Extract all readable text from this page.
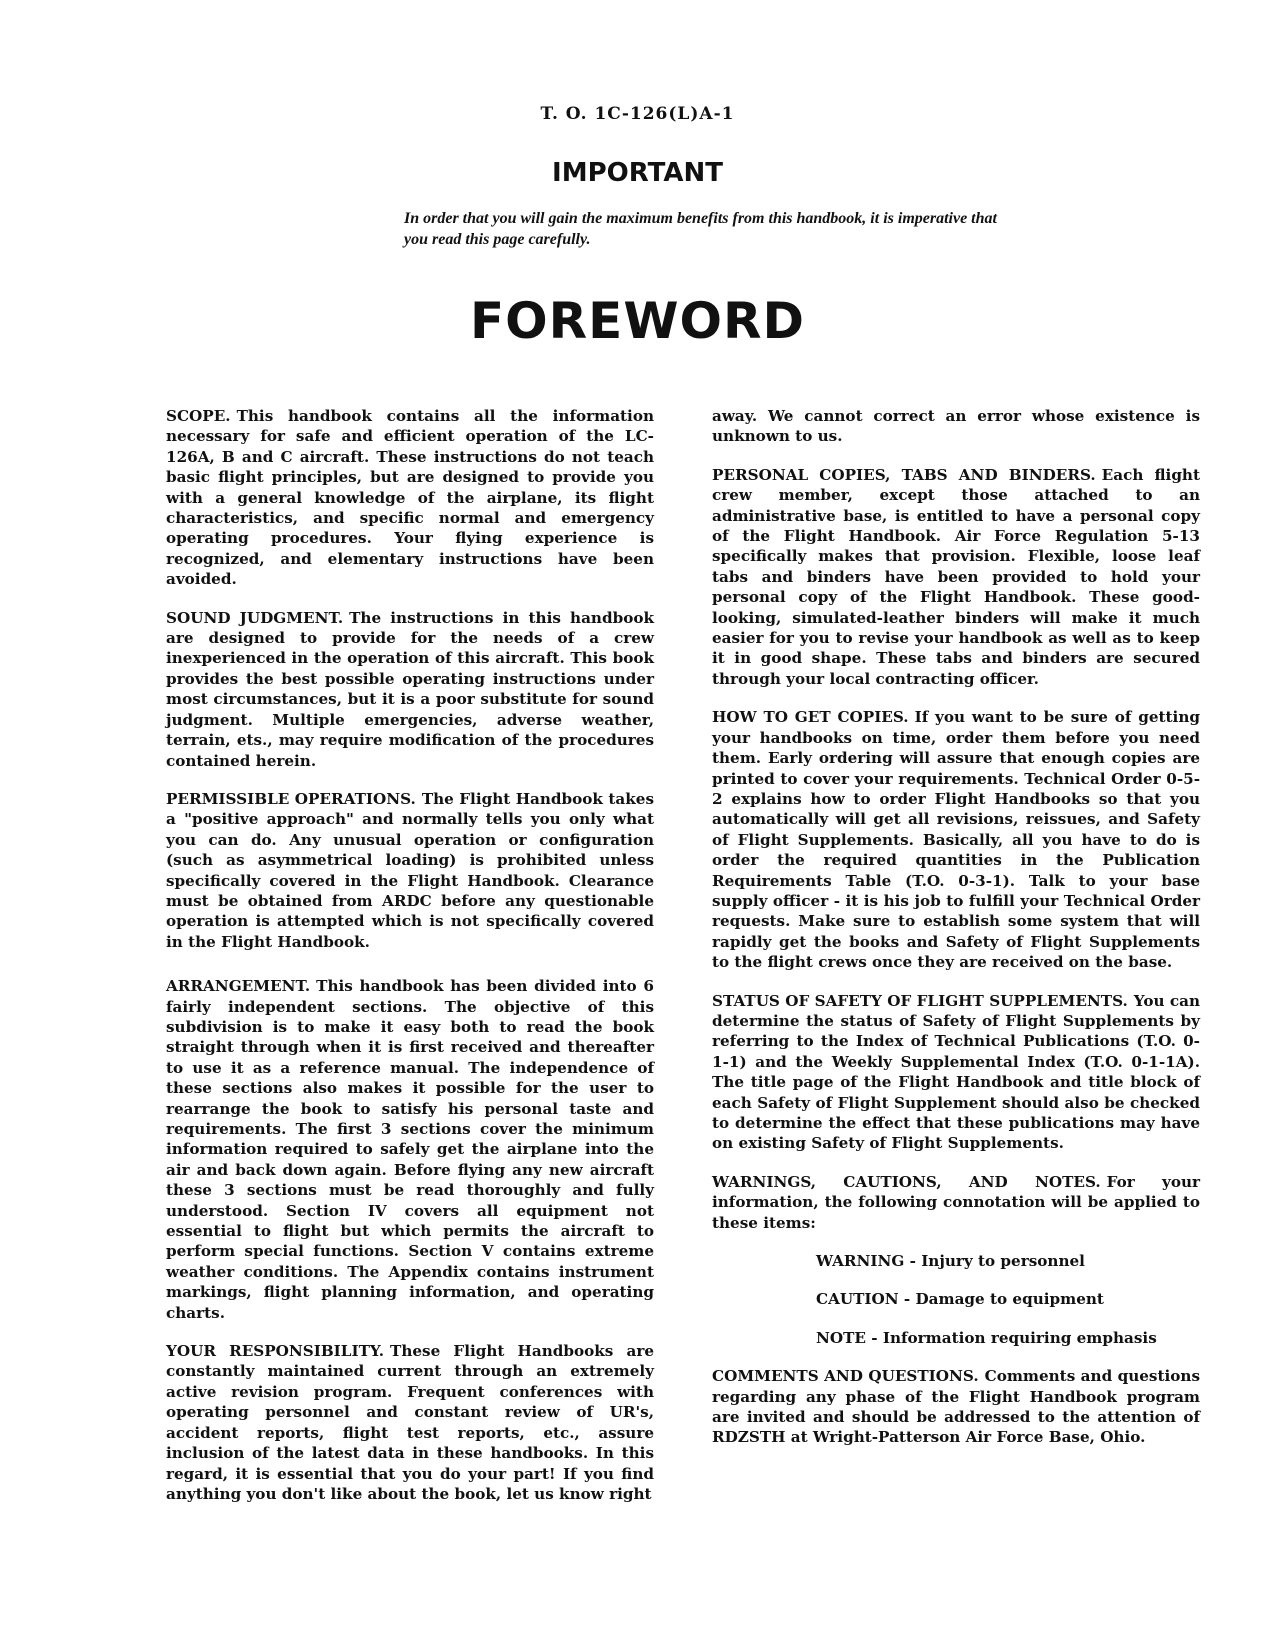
T. O. 1C-126(L)A-1
IMPORTANT
In order that you will gain the maximum benefits from this handbook, it is imperative that you read this page carefully.
FOREWORD

SCOPE. This handbook contains all the information necessary for safe and efficient operation of the LC-126A, B and C aircraft. These instructions do not teach basic flight principles, but are designed to provide you with a general knowledge of the airplane, its flight characteristics, and specific normal and emergency operating procedures. Your flying experience is recognized, and elementary instructions have been avoided.

SOUND JUDGMENT. The instructions in this handbook are designed to provide for the needs of a crew inexperienced in the operation of this aircraft. This book provides the best possible operating instructions under most circumstances, but it is a poor substitute for sound judgment. Multiple emergencies, adverse weather, terrain, ets., may require modification of the procedures contained herein.

PERMISSIBLE OPERATIONS. The Flight Handbook takes a "positive approach" and normally tells you only what you can do. Any unusual operation or configuration (such as asymmetrical loading) is prohibited unless specifically covered in the Flight Handbook. Clearance must be obtained from ARDC before any questionable operation is attempted which is not specifically covered in the Flight Handbook.

ARRANGEMENT. This handbook has been divided into 6 fairly independent sections. The objective of this subdivision is to make it easy both to read the book straight through when it is first received and thereafter to use it as a reference manual. The independence of these sections also makes it possible for the user to rearrange the book to satisfy his personal taste and requirements. The first 3 sections cover the minimum information required to safely get the airplane into the air and back down again. Before flying any new aircraft these 3 sections must be read thoroughly and fully understood. Section IV covers all equipment not essential to flight but which permits the aircraft to perform special functions. Section V contains extreme weather conditions. The Appendix contains instrument markings, flight planning information, and operating charts.

YOUR RESPONSIBILITY. These Flight Handbooks are constantly maintained current through an extremely active revision program. Frequent conferences with operating personnel and constant review of UR's, accident reports, flight test reports, etc., assure inclusion of the latest data in these handbooks. In this regard, it is essential that you do your part! If you find anything you don't like about the book, let us know right

away. We cannot correct an error whose existence is unknown to us.

PERSONAL COPIES, TABS AND BINDERS. Each flight crew member, except those attached to an administrative base, is entitled to have a personal copy of the Flight Handbook. Air Force Regulation 5-13 specifically makes that provision. Flexible, loose leaf tabs and binders have been provided to hold your personal copy of the Flight Handbook. These good-looking, simulated-leather binders will make it much easier for you to revise your handbook as well as to keep it in good shape. These tabs and binders are secured through your local contracting officer.

HOW TO GET COPIES. If you want to be sure of getting your handbooks on time, order them before you need them. Early ordering will assure that enough copies are printed to cover your requirements. Technical Order 0-5-2 explains how to order Flight Handbooks so that you automatically will get all revisions, reissues, and Safety of Flight Supplements. Basically, all you have to do is order the required quantities in the Publication Requirements Table (T.O. 0-3-1). Talk to your base supply officer - it is his job to fulfill your Technical Order requests. Make sure to establish some system that will rapidly get the books and Safety of Flight Supplements to the flight crews once they are received on the base.

STATUS OF SAFETY OF FLIGHT SUPPLEMENTS. You can determine the status of Safety of Flight Supplements by referring to the Index of Technical Publications (T.O. 0-1-1) and the Weekly Supplemental Index (T.O. 0-1-1A). The title page of the Flight Handbook and title block of each Safety of Flight Supplement should also be checked to determine the effect that these publications may have on existing Safety of Flight Supplements.

WARNINGS, CAUTIONS, AND NOTES. For your information, the following connotation will be applied to these items:

WARNING - Injury to personnel

CAUTION - Damage to equipment

NOTE - Information requiring emphasis

COMMENTS AND QUESTIONS. Comments and questions regarding any phase of the Flight Handbook program are invited and should be addressed to the attention of RDZSTH at Wright-Patterson Air Force Base, Ohio.
